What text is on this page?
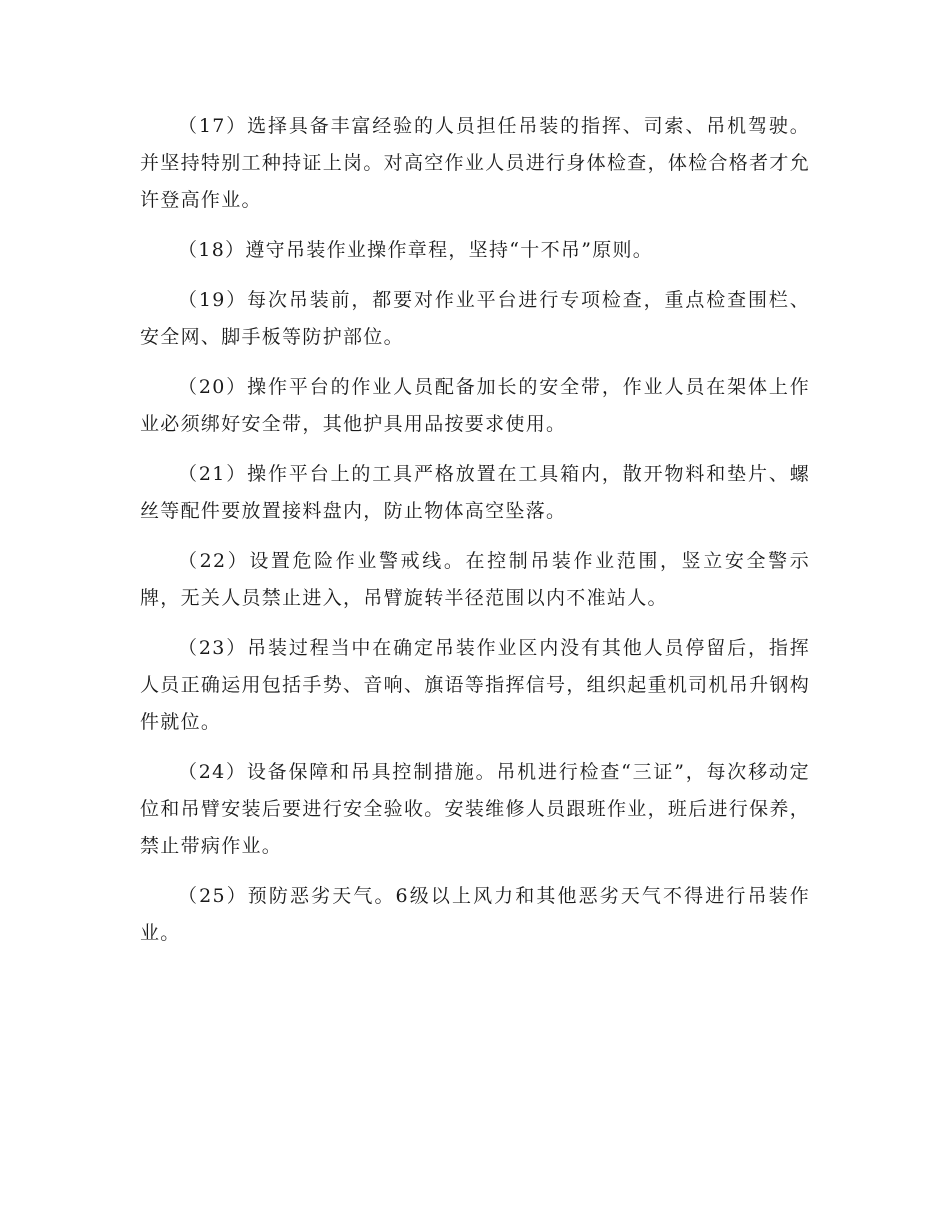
（17）选择具备丰富经验的人员担任吊装的指挥、司索、吊机驾驶。并坚持特别工种持证上岗。对高空作业人员进行身体检查，体检合格者才允许登高作业。

（18）遵守吊装作业操作章程，坚持“十不吊”原则。

（19）每次吊装前，都要对作业平台进行专项检查，重点检查围栏、安全网、脚手板等防护部位。

（20）操作平台的作业人员配备加长的安全带，作业人员在架体上作业必须绑好安全带，其他护具用品按要求使用。

（21）操作平台上的工具严格放置在工具箱内，散开物料和垫片、螺丝等配件要放置接料盘内，防止物体高空坠落。

（22）设置危险作业警戒线。在控制吊装作业范围，竖立安全警示牌，无关人员禁止进入，吊臂旋转半径范围以内不准站人。

（23）吊装过程当中在确定吊装作业区内没有其他人员停留后，指挥人员正确运用包括手势、音响、旗语等指挥信号，组织起重机司机吊升钢构件就位。

（24）设备保障和吊具控制措施。吊机进行检查“三证”，每次移动定位和吊臂安装后要进行安全验收。安装维修人员跟班作业，班后进行保养，禁止带病作业。

（25）预防恶劣天气。6级以上风力和其他恶劣天气不得进行吊装作业。
